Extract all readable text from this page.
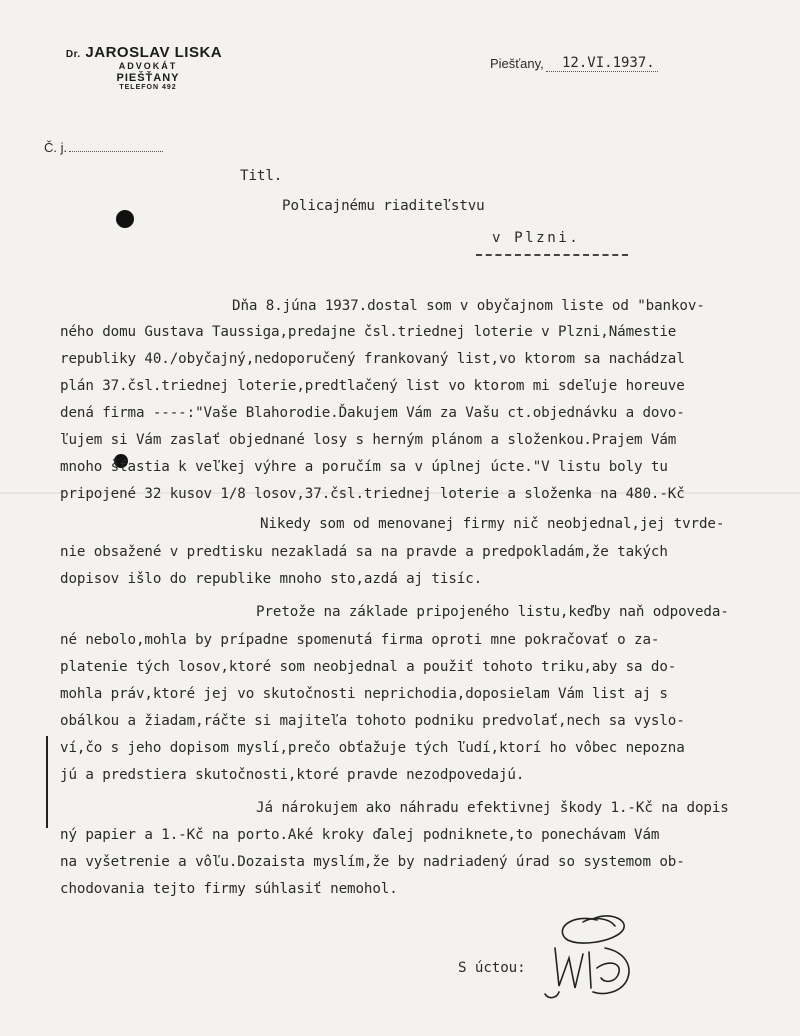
Dr. JAROSLAV LISKA
ADVOKÁT
PIEŠŤANY
TELEFON 492
Piešťany, 12.VI.1937.
Č. j.
Titl.
Policajnému riaditeľstvu
v Plzni.
Dňa 8.júna 1937.dostal som v obyčajnom liste od "bankov-
ného domu Gustava Taussiga,predajne čsl.triednej loterie v Plzni,Námestie
republiky 40./obyčajný,nedoporučený frankovaný list,vo ktorom sa nachádzal
plán 37.čsl.triednej loterie,predtlačený list vo ktorom mi sdeľuje horeuve
dená firma ----:"Vaše Blahorodie.Ďakujem Vám za Vašu ct.objednávku a dovo-
ľujem si Vám zaslať objednané losy s herným plánom a složenkou.Prajem Vám
mnoho šťastia k veľkej výhre a poručím sa v úplnej úcte."V listu boly tu
pripojené 32 kusov 1/8 losov,37.čsl.triednej loterie a složenka na 480.-Kč
Nikedy som od menovanej firmy nič neobjednal,jej tvrde-
nie obsažené v predtisku nezakladá sa na pravde a predpokladám,že takých
dopisov išlo do republike mnoho sto,azdá aj tisíc.
Pretože na základe pripojeného listu,keďby naň odpoveda-
né nebolo,mohla by prípadne spomenutá firma oproti mne pokračovať o za-
platenie tých losov,ktoré som neobjednal a použiť tohoto triku,aby sa do-
mohla práv,ktoré jej vo skutočnosti neprichodia,doposielam Vám list aj s
obálkou a žiadam,ráčte si majiteľa tohoto podniku predvolať,nech sa vyslo-
ví,čo s jeho dopisom myslí,prečo obťažuje tých ľudí,ktorí ho vôbec nepozna
jú a predstiera skutočnosti,ktoré pravde nezodpovedajú.
Já nárokujem ako náhradu efektivnej škody 1.-Kč na dopis
ný papier a 1.-Kč na porto.Aké kroky ďalej podniknete,to ponechávam Vám
na vyšetrenie a vôľu.Dozaista myslím,že by nadriadený úrad so systemom ob-
chodovania tejto firmy súhlasiť nemohol.
S úctou:
